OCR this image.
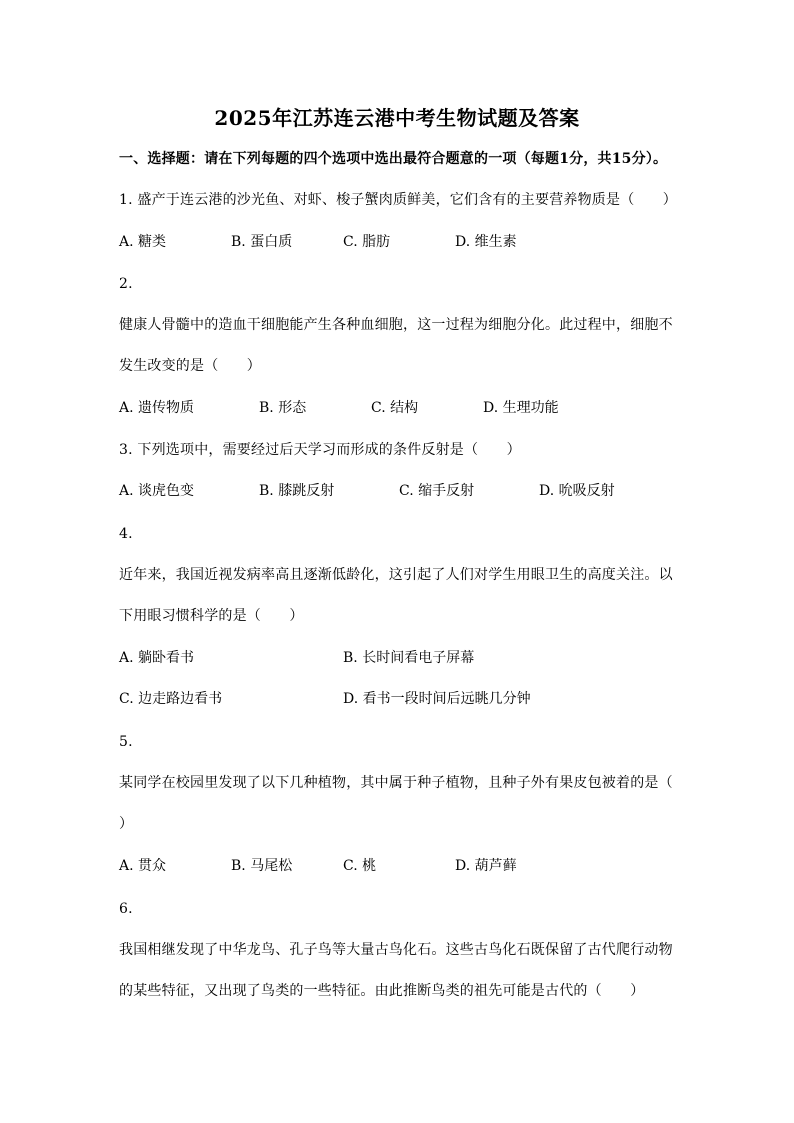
2025年江苏连云港中考生物试题及答案
一、选择题：请在下列每题的四个选项中选出最符合题意的一项（每题1分，共15分）。
1. 盛产于连云港的沙光鱼、对虾、梭子蟹肉质鲜美，它们含有的主要营养物质是（　　）
A. 糖类	B. 蛋白质	C. 脂肪	D. 维生素
2.
健康人骨髓中的造血干细胞能产生各种血细胞，这一过程为细胞分化。此过程中，细胞不
发生改变的是（　　）
A. 遗传物质	B. 形态	C. 结构	D. 生理功能
3. 下列选项中，需要经过后天学习而形成的条件反射是（　　）
A. 谈虎色变	B. 膝跳反射	C. 缩手反射	D. 吮吸反射
4.
近年来，我国近视发病率高且逐渐低龄化，这引起了人们对学生用眼卫生的高度关注。以
下用眼习惯科学的是（　　）
A. 躺卧看书	B. 长时间看电子屏幕
C. 边走路边看书	D. 看书一段时间后远眺几分钟
5.
某同学在校园里发现了以下几种植物，其中属于种子植物，且种子外有果皮包被着的是（
）
A. 贯众	B. 马尾松	C. 桃	D. 葫芦藓
6.
我国相继发现了中华龙鸟、孔子鸟等大量古鸟化石。这些古鸟化石既保留了古代爬行动物
的某些特征，又出现了鸟类的一些特征。由此推断鸟类的祖先可能是古代的（　　）
